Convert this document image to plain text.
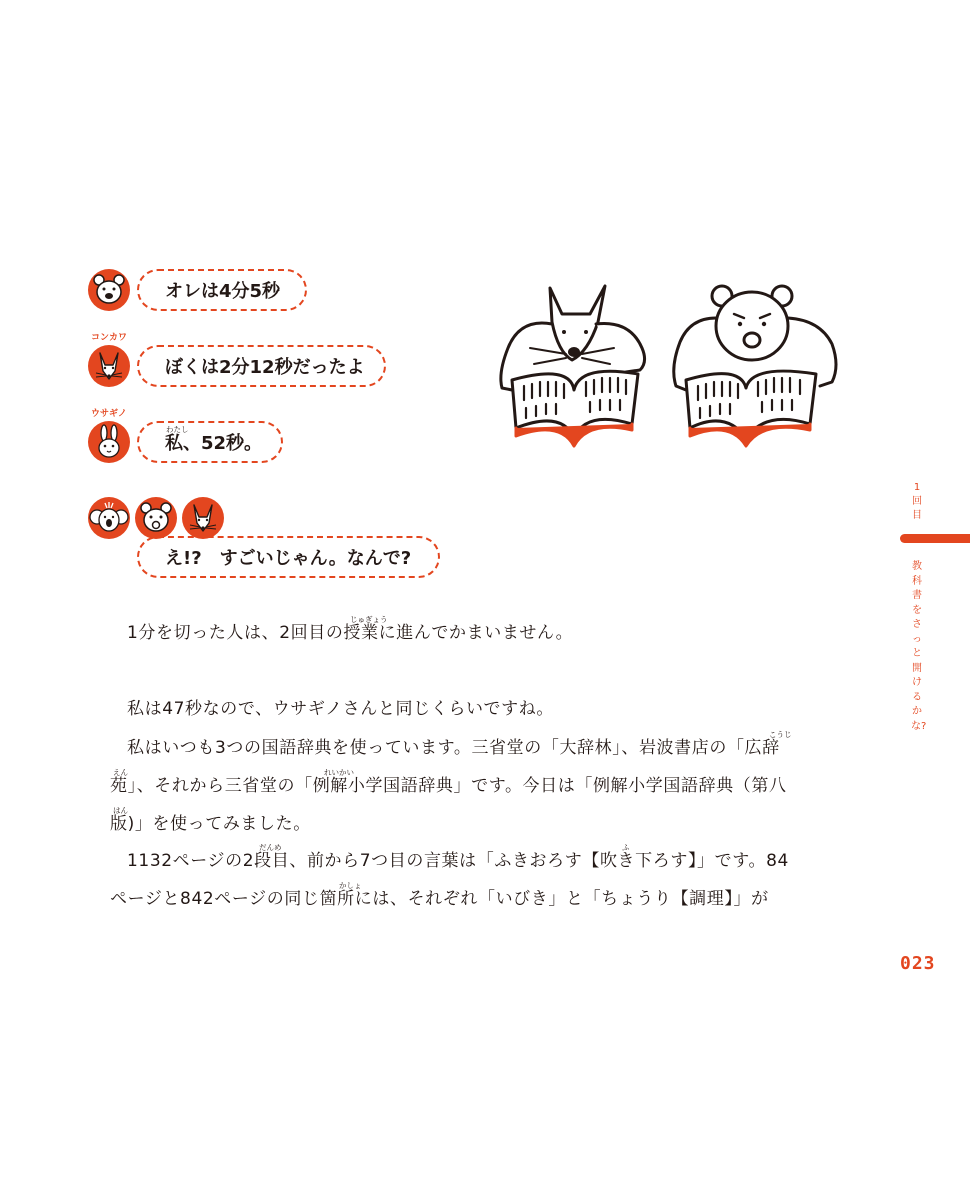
オレは4分5秒
コンカワ
ぼくは2分12秒だったよ
ウサギノ
私、52秒。
わたし
え!?　すごいじゃん。なんで?
じゅぎょう
1分を切った人は、2回目の授業に進んでかまいません。
私は47秒なので、ウサギノさんと同じくらいですね。
こうじ
私はいつも3つの国語辞典を使っています。三省堂の「大辞林」、岩波書店の「広辞
えん	れいかい
苑」、それから三省堂の「例解小学国語辞典」です。今日は「例解小学国語辞典（第八
はん
版)」を使ってみました。
だんめ	ふ
1132ページの2段目、前から7つ目の言葉は「ふきおろす【吹き下ろす】」です。84
かしょ
ページと842ページの同じ箇所には、それぞれ「いびき」と「ちょうり【調理】」が
1
回目
教科書をさっと開けるかな?
023
